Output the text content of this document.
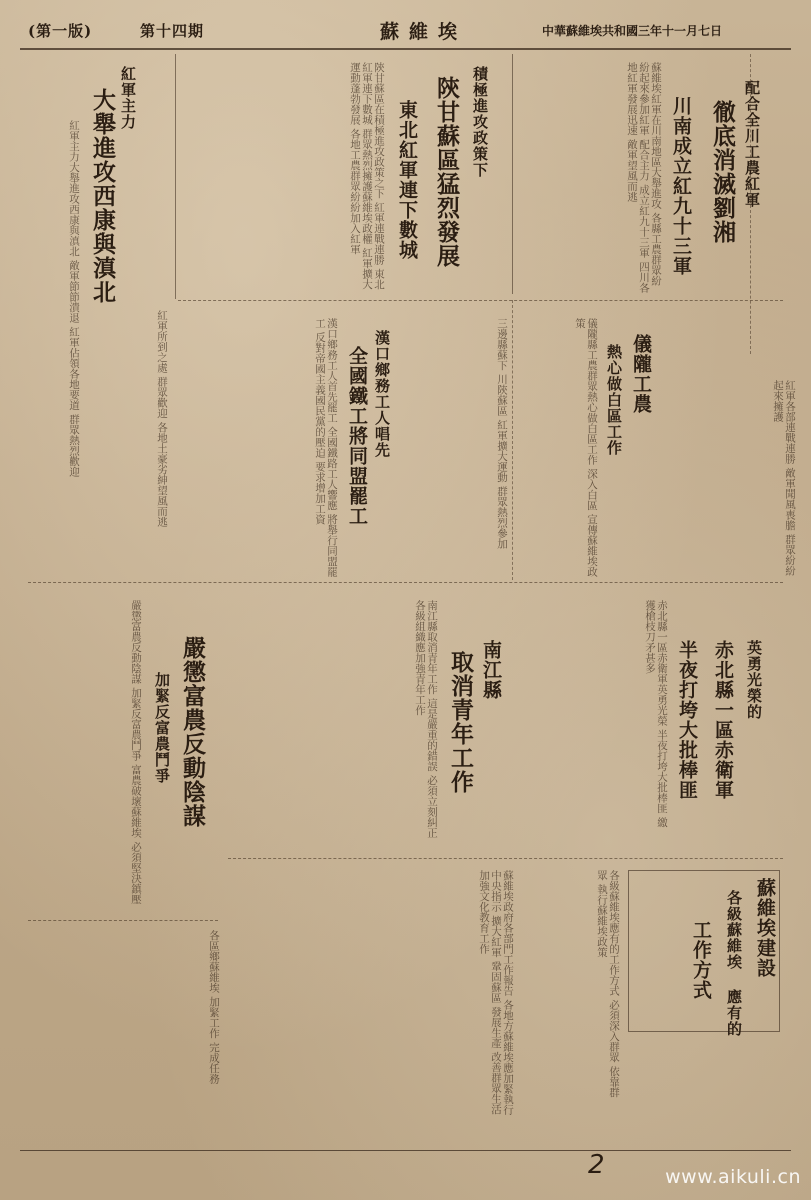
(第一版)	第十四期	蘇維埃	中華蘇維埃共和國三年十一月七日
配合全川工農紅軍
徹底消滅劉湘
川南成立紅九十三軍
蘇維埃紅軍在川南地區大舉進攻 各縣工農群眾紛紛起來參加紅軍 配合主力 成立紅九十三軍 四川各地紅軍發展迅速 敵軍望風而逃
積極進攻政策下
陝甘蘇區猛烈發展
東北紅軍連下數城
陝甘蘇區在積極進攻政策之下 紅軍連戰連勝 東北紅軍連下數城 群眾熱烈擁護蘇維埃政權 紅軍擴大運動蓬勃發展 各地工農群眾紛紛加入紅軍
紅軍主力
大舉進攻西康與滇北
紅軍主力大舉進攻西康與滇北 敵軍節節潰退 紅軍佔領各地要道 群眾熱烈歡迎	紅軍所到之處 群眾歡迎 各地土豪劣紳望風而逃	漢口鄉務工人唱先
全國鐵工將同盟罷工
漢口鄉務工人首先罷工 全國鐵路工人響應 將舉行同盟罷工 反對帝國主義國民黨的壓迫 要求增加工資	三邊縣蘇下 川陝蘇區 紅軍擴大運動 群眾熱烈參加	儀隴工農
熱心做白區工作
儀隴縣工農群眾熱心做白區工作 深入白區 宣傳蘇維埃政策
紅軍各部連戰連勝 敵軍聞風喪膽 群眾紛紛起來擁護
英勇光榮的
赤北縣一區赤衛軍
半夜打垮大批棒匪
赤北縣一區赤衛軍英勇光榮 半夜打垮大批棒匪 繳獲槍枝刀矛甚多
南江縣
取消青年工作
南江縣取消青年工作 這是嚴重的錯誤 必須立刻糾正 各級組織應加強青年工作
嚴懲富農反動陰謀
加緊反富農鬥爭
嚴懲富農反動陰謀 加緊反富農鬥爭 富農破壞蘇維埃 必須堅決鎮壓
蘇維埃建設
各級蘇維埃 應有的
工作方式
各級蘇維埃應有的工作方式 必須深入群眾 依靠群眾 執行蘇維埃政策
蘇維埃政府各部門工作報告 各地方蘇維埃應加緊執行中央指示 擴大紅軍 鞏固蘇區 發展生產 改善群眾生活 加強文化教育工作
各區鄉蘇維埃 加緊工作 完成任務
2	www.aikuli.cn
